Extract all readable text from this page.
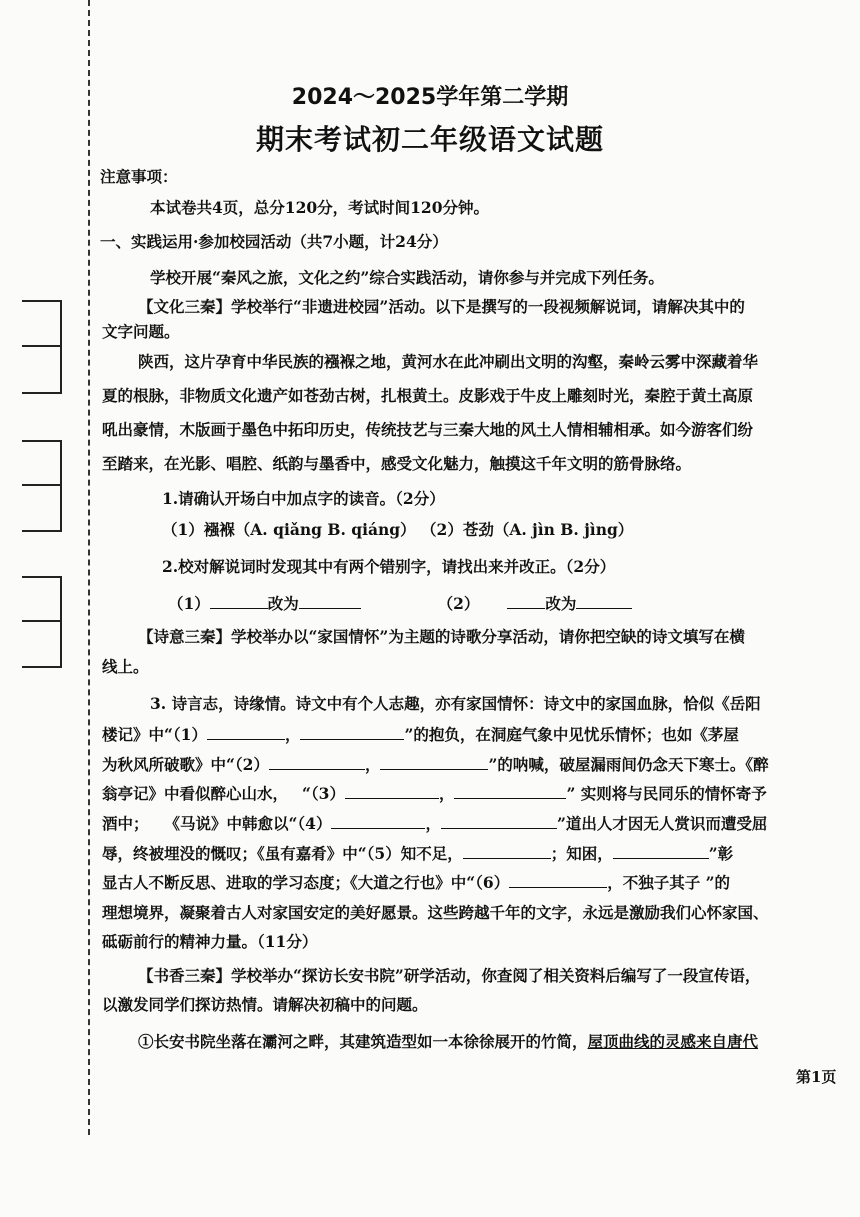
2024～2025学年第二学期
期末考试初二年级语文试题
注意事项：
本试卷共4页，总分120分，考试时间120分钟。
一、实践运用·参加校园活动（共7小题，计24分）
学校开展“秦风之旅，文化之约”综合实践活动，请你参与并完成下列任务。
【文化三秦】学校举行“非遗进校园”活动。以下是撰写的一段视频解说词，请解决其中的
文字问题。
陕西，这片孕育中华民族的襁褓之地，黄河水在此冲刷出文明的沟壑，秦岭云雾中深藏着华
夏的根脉，非物质文化遗产如苍劲古树，扎根黄土。皮影戏于牛皮上雕刻时光，秦腔于黄土高原
吼出豪情，木版画于墨色中拓印历史，传统技艺与三秦大地的风土人情相辅相承。如今游客们纷
至踏来，在光影、唱腔、纸韵与墨香中，感受文化魅力，触摸这千年文明的筋骨脉络。
1.请确认开场白中加点字的读音。（2分）
（1）襁褓（A. qiǎng B. qiáng） （2）苍劲（A. jìn B. jìng）
2.校对解说词时发现其中有两个错别字，请找出来并改正。（2分）
（1）	改为	（2）	改为
【诗意三秦】学校举办以“家国情怀”为主题的诗歌分享活动，请你把空缺的诗文填写在横
线上。
3. 诗言志，诗缘情。诗文中有个人志趣，亦有家国情怀：诗文中的家国血脉，恰似《岳阳
楼记》中“（1）	，	”的抱负，在洞庭气象中见忧乐情怀；也如《茅屋
为秋风所破歌》中“（2）	，	”的呐喊，破屋漏雨间仍念天下寒士。《醉
翁亭记》中看似醉心山水， “（3）	，	” 实则将与民同乐的情怀寄予
酒中； 《马说》中韩愈以“（4）	，	”道出人才因无人赏识而遭受屈
辱，终被埋没的慨叹；《虽有嘉肴》中“（5）知不足，	；知困，	”彰
显古人不断反思、进取的学习态度；《大道之行也》中“（6）	，不独子其子 ”的
理想境界，凝聚着古人对家国安定的美好愿景。这些跨越千年的文字，永远是激励我们心怀家国、
砥砺前行的精神力量。（11分）
【书香三秦】学校举办“探访长安书院”研学活动，你查阅了相关资料后编写了一段宣传语，
以激发同学们探访热情。请解决初稿中的问题。
①长安书院坐落在灞河之畔，其建筑造型如一本徐徐展开的竹简，屋顶曲线的灵感来自唐代
第1页
